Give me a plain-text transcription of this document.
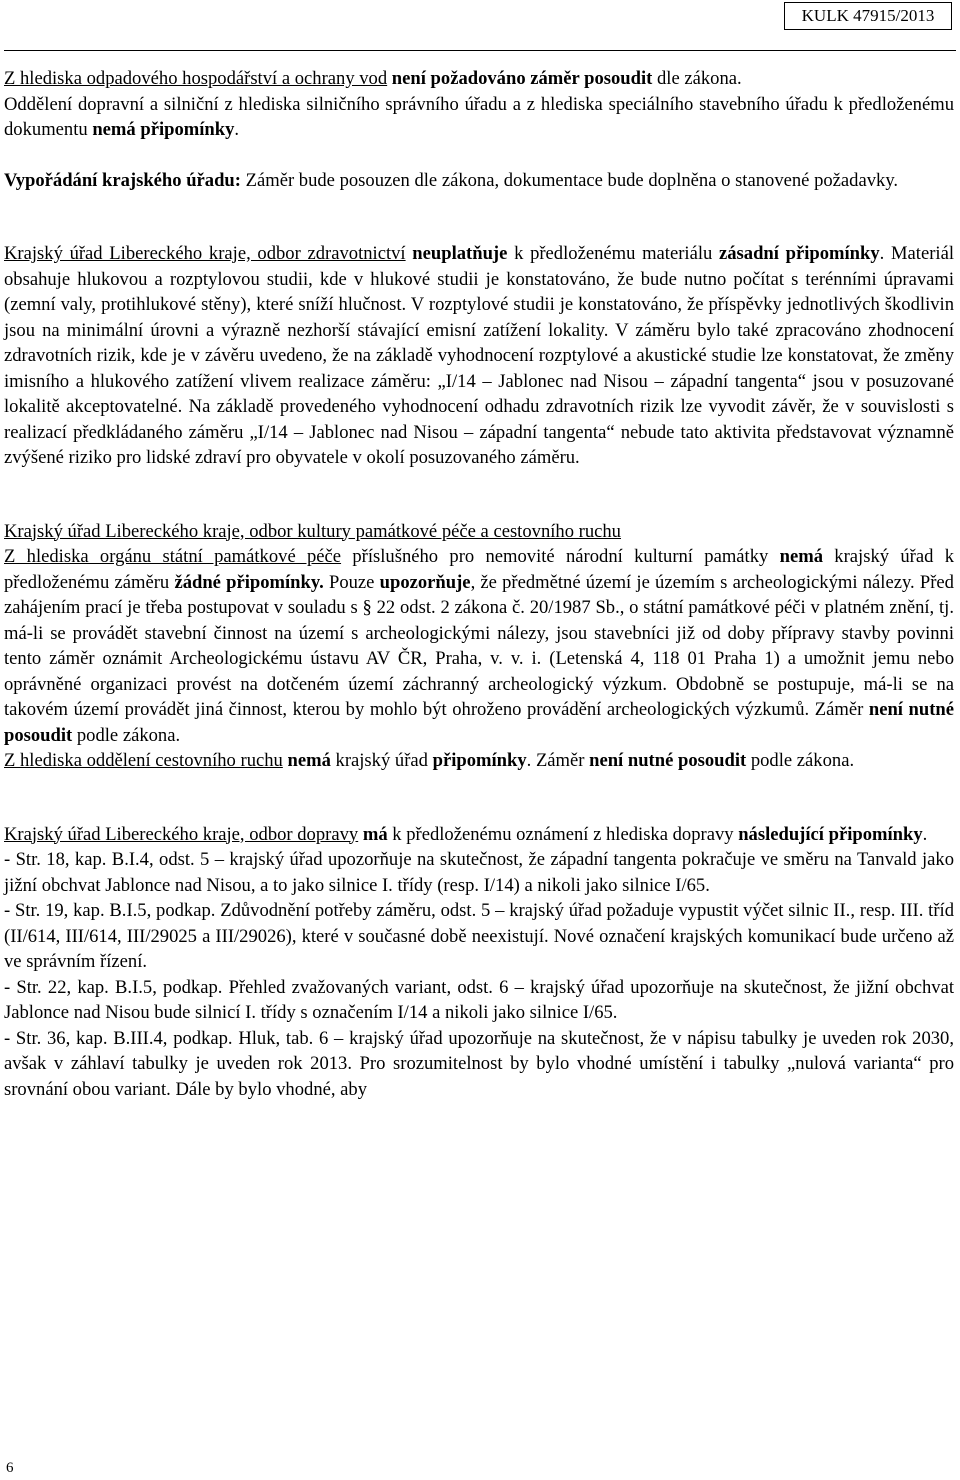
KULK 47915/2013

Z hlediska odpadového hospodářství a ochrany vod není požadováno záměr posoudit dle zákona.

Oddělení dopravní a silniční z hlediska silničního správního úřadu a z hlediska speciálního stavebního úřadu k předloženému dokumentu nemá připomínky.

Vypořádání krajského úřadu: Záměr bude posouzen dle zákona, dokumentace bude doplněna o stanovené požadavky.

Krajský úřad Libereckého kraje, odbor zdravotnictví neuplatňuje k předloženému materiálu zásadní připomínky. Materiál obsahuje hlukovou a rozptylovou studii, kde v hlukové studii je konstatováno, že bude nutno počítat s terénními úpravami (zemní valy, protihlukové stěny), které sníží hlučnost. V rozptylové studii je konstatováno, že příspěvky jednotlivých škodlivin jsou na minimální úrovni a výrazně nezhorší stávající emisní zatížení lokality. V záměru bylo také zpracováno zhodnocení zdravotních rizik, kde je v závěru uvedeno, že na základě vyhodnocení rozptylové a akustické studie lze konstatovat, že změny imisního a hlukového zatížení vlivem realizace záměru: „I/14 – Jablonec nad Nisou – západní tangenta“ jsou v posuzované lokalitě akceptovatelné. Na základě provedeného vyhodnocení odhadu zdravotních rizik lze vyvodit závěr, že v souvislosti s realizací předkládaného záměru „I/14 – Jablonec nad Nisou – západní tangenta“ nebude tato aktivita představovat významně zvýšené riziko pro lidské zdraví pro obyvatele v okolí posuzovaného záměru.

Krajský úřad Libereckého kraje, odbor kultury památkové péče a cestovního ruchu

Z hlediska orgánu státní památkové péče příslušného pro nemovité národní kulturní památky nemá krajský úřad k předloženému záměru žádné připomínky. Pouze upozorňuje, že předmětné území je územím s archeologickými nálezy. Před zahájením prací je třeba postupovat v souladu s § 22 odst. 2 zákona č. 20/1987 Sb., o státní památkové péči v platném znění, tj. má-li se provádět stavební činnost na území s archeologickými nálezy, jsou stavebníci již od doby přípravy stavby povinni tento záměr oznámit Archeologickému ústavu AV ČR, Praha, v. v. i. (Letenská 4, 118 01 Praha 1) a umožnit jemu nebo oprávněné organizaci provést na dotčeném území záchranný archeologický výzkum. Obdobně se postupuje, má-li se na takovém území provádět jiná činnost, kterou by mohlo být ohroženo provádění archeologických výzkumů. Záměr není nutné posoudit podle zákona.

Z hlediska oddělení cestovního ruchu nemá krajský úřad připomínky. Záměr není nutné posoudit podle zákona.

Krajský úřad Libereckého kraje, odbor dopravy má k předloženému oznámení z hlediska dopravy následující připomínky.

- Str. 18, kap. B.I.4, odst. 5 – krajský úřad upozorňuje na skutečnost, že západní tangenta pokračuje ve směru na Tanvald jako jižní obchvat Jablonce nad Nisou, a to jako silnice I. třídy (resp. I/14) a nikoli jako silnice I/65.

- Str. 19, kap. B.I.5, podkap. Zdůvodnění potřeby záměru, odst. 5 – krajský úřad požaduje vypustit výčet silnic II., resp. III. tříd (II/614, III/614, III/29025 a III/29026), které v současné době neexistují. Nové označení krajských komunikací bude určeno až ve správním řízení.

- Str. 22, kap. B.I.5, podkap. Přehled zvažovaných variant, odst. 6 – krajský úřad upozorňuje na skutečnost, že jižní obchvat Jablonce nad Nisou bude silnicí I. třídy s označením I/14 a nikoli jako silnice I/65.

- Str. 36, kap. B.III.4, podkap. Hluk, tab. 6 – krajský úřad upozorňuje na skutečnost, že v nápisu tabulky je uveden rok 2030, avšak v záhlaví tabulky je uveden rok 2013. Pro srozumitelnost by bylo vhodné umístění i tabulky „nulová varianta“ pro srovnání obou variant. Dále by bylo vhodné, aby

6
